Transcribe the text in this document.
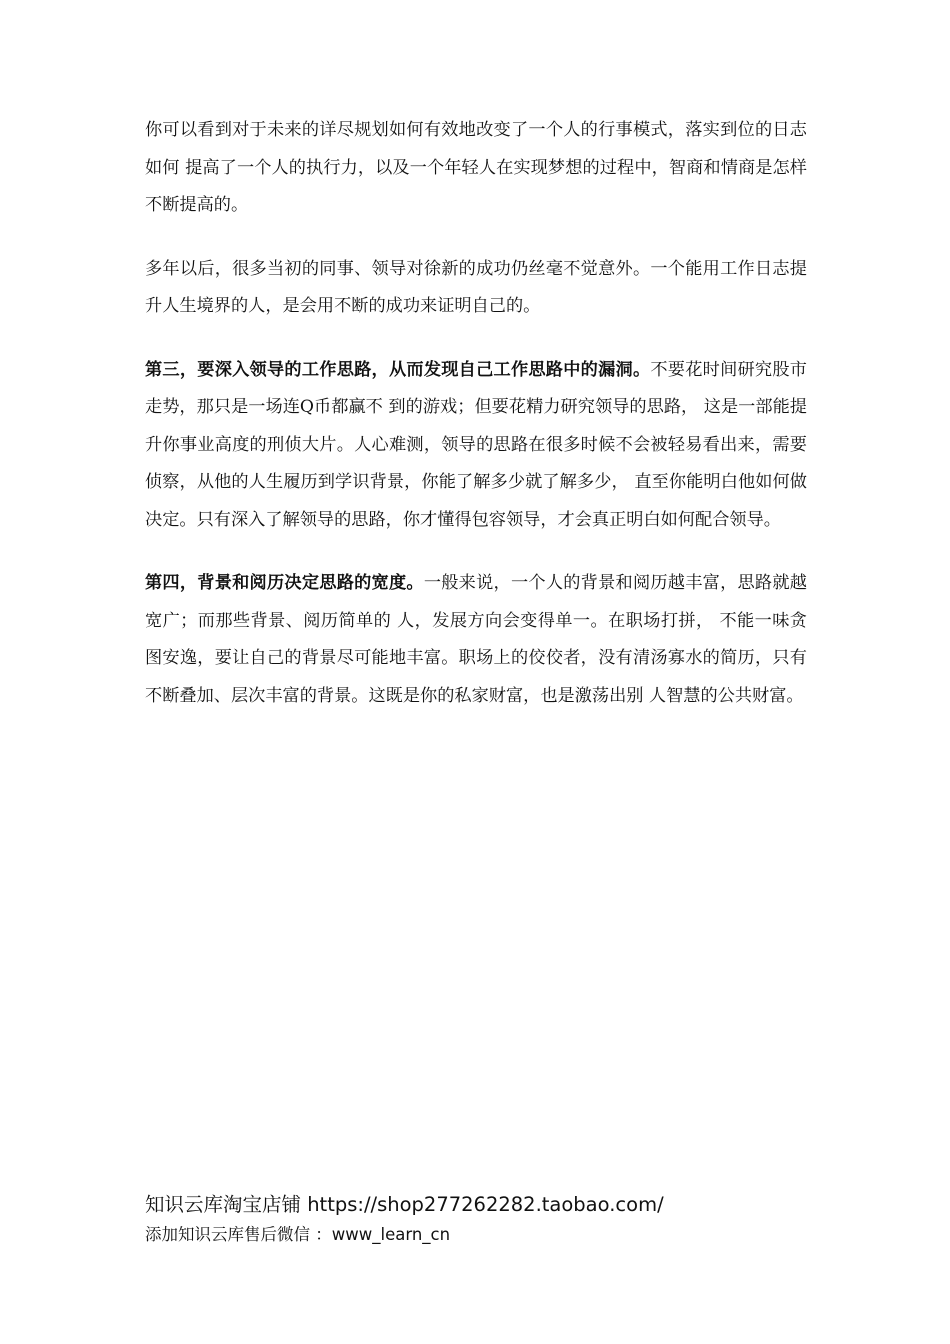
你可以看到对于未来的详尽规划如何有效地改变了一个人的行事模式，落实到位的日志如何 提高了一个人的执行力，以及一个年轻人在实现梦想的过程中，智商和情商是怎样不断提高的。

多年以后，很多当初的同事、领导对徐新的成功仍丝毫不觉意外。一个能用工作日志提升人生境界的人，是会用不断的成功来证明自己的。

第三，要深入领导的工作思路，从而发现自己工作思路中的漏洞。不要花时间研究股市走势，那只是一场连Q币都赢不 到的游戏；但要花精力研究领导的思路， 这是一部能提升你事业高度的刑侦大片。人心难测，领导的思路在很多时候不会被轻易看出来，需要侦察，从他的人生履历到学识背景，你能了解多少就了解多少， 直至你能明白他如何做决定。只有深入了解领导的思路，你才懂得包容领导，才会真正明白如何配合领导。

第四，背景和阅历决定思路的宽度。一般来说，一个人的背景和阅历越丰富，思路就越宽广；而那些背景、阅历简单的 人，发展方向会变得单一。在职场打拼， 不能一味贪图安逸，要让自己的背景尽可能地丰富。职场上的佼佼者，没有清汤寡水的简历，只有不断叠加、层次丰富的背景。这既是你的私家财富，也是激荡出别 人智慧的公共财富。

知识云库淘宝店铺 https://shop277262282.taobao.com/
添加知识云库售后微信 ：www_learn_cn
